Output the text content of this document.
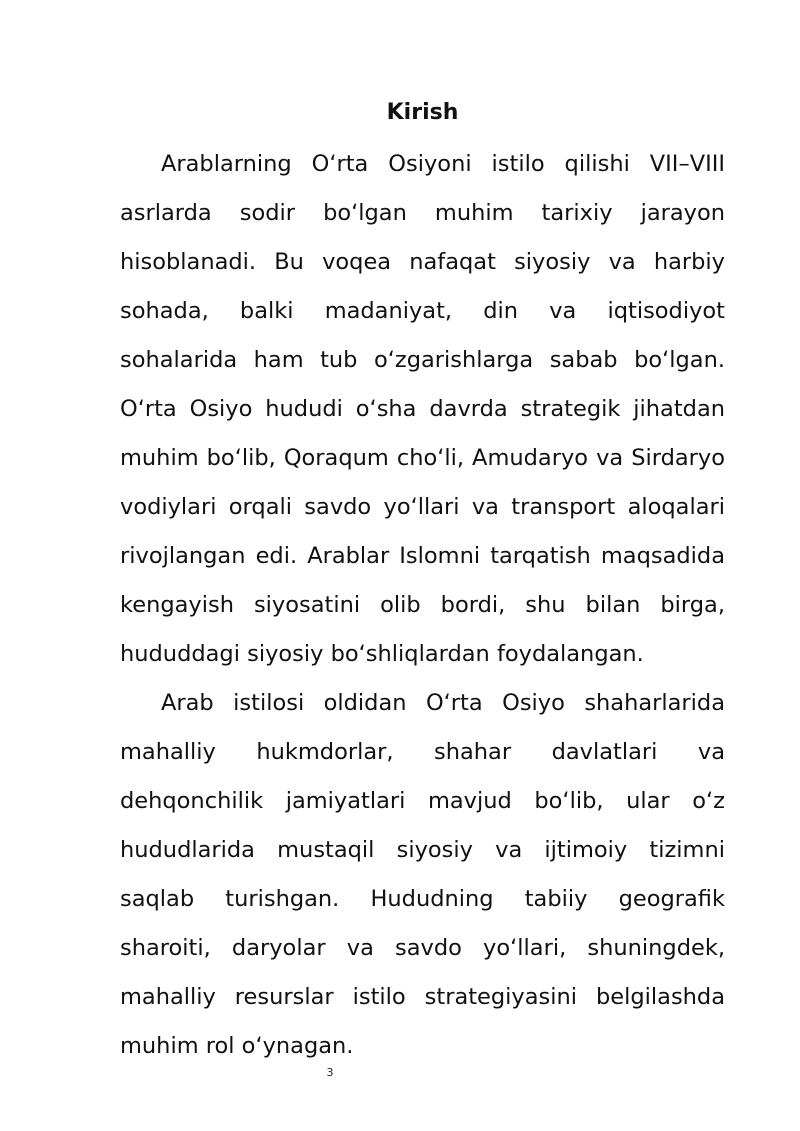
Kirish

Arablarning O‘rta Osiyoni istilo qilishi VII–VIII asrlarda sodir bo‘lgan muhim tarixiy jarayon hisoblanadi. Bu voqea nafaqat siyosiy va harbiy sohada, balki madaniyat, din va iqtisodiyot sohalarida ham tub o‘zgarishlarga sabab bo‘lgan. O‘rta Osiyo hududi o‘sha davrda strategik jihatdan muhim bo‘lib, Qoraqum cho‘li, Amudaryo va Sirdaryo vodiylari orqali savdo yo‘llari va transport aloqalari rivojlangan edi. Arablar Islomni tarqatish maqsadida kengayish siyosatini olib bordi, shu bilan birga, hududdagi siyosiy bo‘shliqlardan foydalangan.

Arab istilosi oldidan O‘rta Osiyo shaharlarida mahalliy hukmdorlar, shahar davlatlari va dehqonchilik jamiyatlari mavjud bo‘lib, ular o‘z hududlarida mustaqil siyosiy va ijtimoiy tizimni saqlab turishgan. Hududning tabiiy geografik sharoiti, daryolar va savdo yo‘llari, shuningdek, mahalliy resurslar istilo strategiyasini belgilashda muhim rol o‘ynagan.

3
